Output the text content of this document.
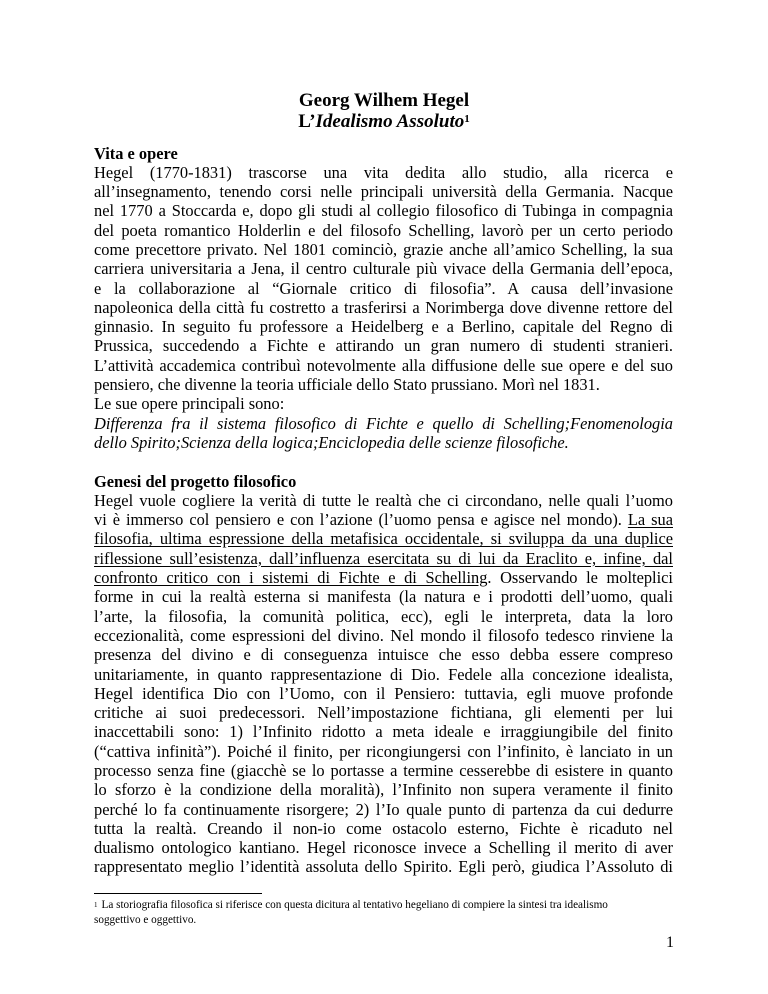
Georg Wilhem Hegel
L’Idealismo Assoluto$^1$
Vita e opere
Hegel (1770-1831) trascorse una vita dedita allo studio, alla ricerca e
all’insegnamento, tenendo corsi nelle principali università della Germania. Nacque
nel 1770 a Stoccarda e, dopo gli studi al collegio filosofico di Tubinga in compagnia
del poeta romantico Holderlin e del filosofo Schelling, lavorò per un certo periodo
come precettore privato. Nel 1801 cominciò, grazie anche all’amico Schelling, la sua
carriera universitaria a Jena, il centro culturale più vivace della Germania dell’epoca,
e la collaborazione al “Giornale critico di filosofia”. A causa dell’invasione
napoleonica della città fu costretto a trasferirsi a Norimberga dove divenne rettore del
ginnasio. In seguito fu professore a Heidelberg e a Berlino, capitale del Regno di
Prussica, succedendo a Fichte e attirando un gran numero di studenti stranieri.
L’attività accademica contribuì notevolmente alla diffusione delle sue opere e del suo
pensiero, che divenne la teoria ufficiale dello Stato prussiano. Morì nel 1831.
Le sue opere principali sono:
Differenza fra il sistema filosofico di Fichte e quello di Schelling;Fenomenologia
dello Spirito;Scienza della logica;Enciclopedia delle scienze filosofiche.
Genesi del progetto filosofico
Hegel vuole cogliere la verità di tutte le realtà che ci circondano, nelle quali l’uomo
vi è immerso col pensiero e con l’azione (l’uomo pensa e agisce nel mondo). La sua
filosofia, ultima espressione della metafisica occidentale, si sviluppa da una duplice
riflessione sull’esistenza, dall’influenza esercitata su di lui da Eraclito e, infine, dal
confronto critico con i sistemi di Fichte e di Schelling. Osservando le molteplici
forme in cui la realtà esterna si manifesta (la natura e i prodotti dell’uomo, quali
l’arte, la filosofia, la comunità politica, ecc), egli le interpreta, data la loro
eccezionalità, come espressioni del divino. Nel mondo il filosofo tedesco rinviene la
presenza del divino e di conseguenza intuisce che esso debba essere compreso
unitariamente, in quanto rappresentazione di Dio. Fedele alla concezione idealista,
Hegel identifica Dio con l’Uomo, con il Pensiero: tuttavia, egli muove profonde
critiche ai suoi predecessori. Nell’impostazione fichtiana, gli elementi per lui
inaccettabili sono: 1) l’Infinito ridotto a meta ideale e irraggiungibile del finito
(“cattiva infinità”). Poiché il finito, per ricongiungersi con l’infinito, è lanciato in un
processo senza fine (giacchè se lo portasse a termine cesserebbe di esistere in quanto
lo sforzo è la condizione della moralità), l’Infinito non supera veramente il finito
perché lo fa continuamente risorgere; 2) l’Io quale punto di partenza da cui dedurre
tutta la realtà. Creando il non-io come ostacolo esterno, Fichte è ricaduto nel
dualismo ontologico kantiano. Hegel riconosce invece a Schelling il merito di aver
rappresentato meglio l’identità assoluta dello Spirito. Egli però, giudica l’Assoluto di
$^1$ La storiografia filosofica si riferisce con questa dicitura al tentativo hegeliano di compiere la sintesi tra idealismo
soggettivo e oggettivo.
1
